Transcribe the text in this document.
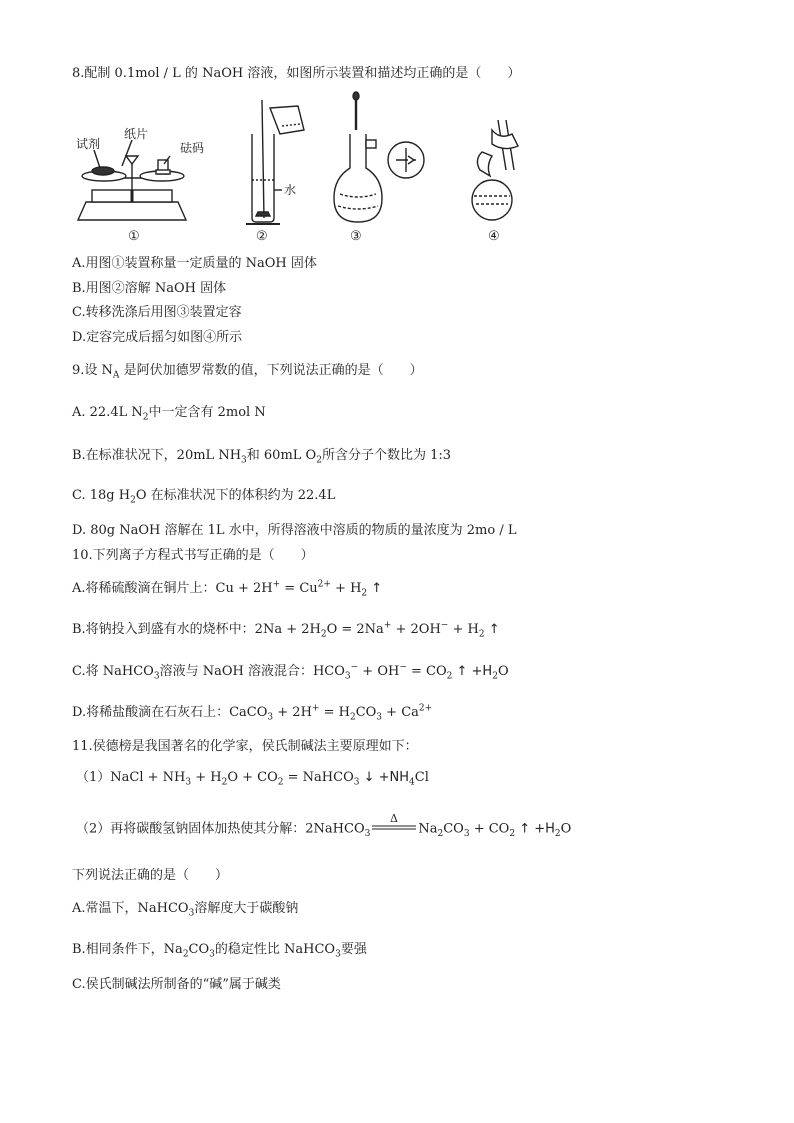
8.配制 0.1mol / L 的 NaOH 溶液，如图所示装置和描述均正确的是（　　）
试剂
纸片
砝码
①
水
②	③	④
A.用图①装置称量一定质量的 NaOH 固体
B.用图②溶解 NaOH 固体
C.转移洗涤后用图③装置定容
D.定容完成后摇匀如图④所示
9.设 $N_A$ 是阿伏加德罗常数的值，下列说法正确的是（　　）
A. 22.4L $N_2$中一定含有 2mol N
B.在标准状况下，20mL $NH_3$和 60mL $O_2$所含分子个数比为 1:3
C. 18g $H_2O$ 在标准状况下的体积约为 22.4L
D. 80g NaOH 溶解在 1L 水中，所得溶液中溶质的物质的量浓度为 2mo / L
10.下列离子方程式书写正确的是（　　）
A.将稀硫酸滴在铜片上：$Cu + 2H^+ = Cu^{2+} + H_2$ ↑
B.将钠投入到盛有水的烧杯中：$2Na + 2H_2O = 2Na^+ + 2OH^- + H_2$ ↑
C.将 NaHCO$_3$溶液与 NaOH 溶液混合：$HCO_3^- + OH^- = CO_2$ ↑ $+H_2O$
D.将稀盐酸滴在石灰石上：CaCO$_3$ + $2H^+ = H_2CO_3 + Ca^{2+}$
11.侯德榜是我国著名的化学家，侯氏制碱法主要原理如下：
（1）NaCl + $NH_3 + H_2O + CO_2$ = NaHCO$_3$ ↓ $+NH_4Cl$
（2）再将碳酸氢钠固体加热使其分解：2NaHCO$_3$
Δ
$Na_2CO_3 + CO_2$ ↑ $+H_2O$
下列说法正确的是（　　）
A.常温下，NaHCO$_3$溶解度大于碳酸钠
B.相同条件下，$Na_2CO_3$的稳定性比 NaHCO$_3$要强
C.侯氏制碱法所制备的“碱”属于碱类
